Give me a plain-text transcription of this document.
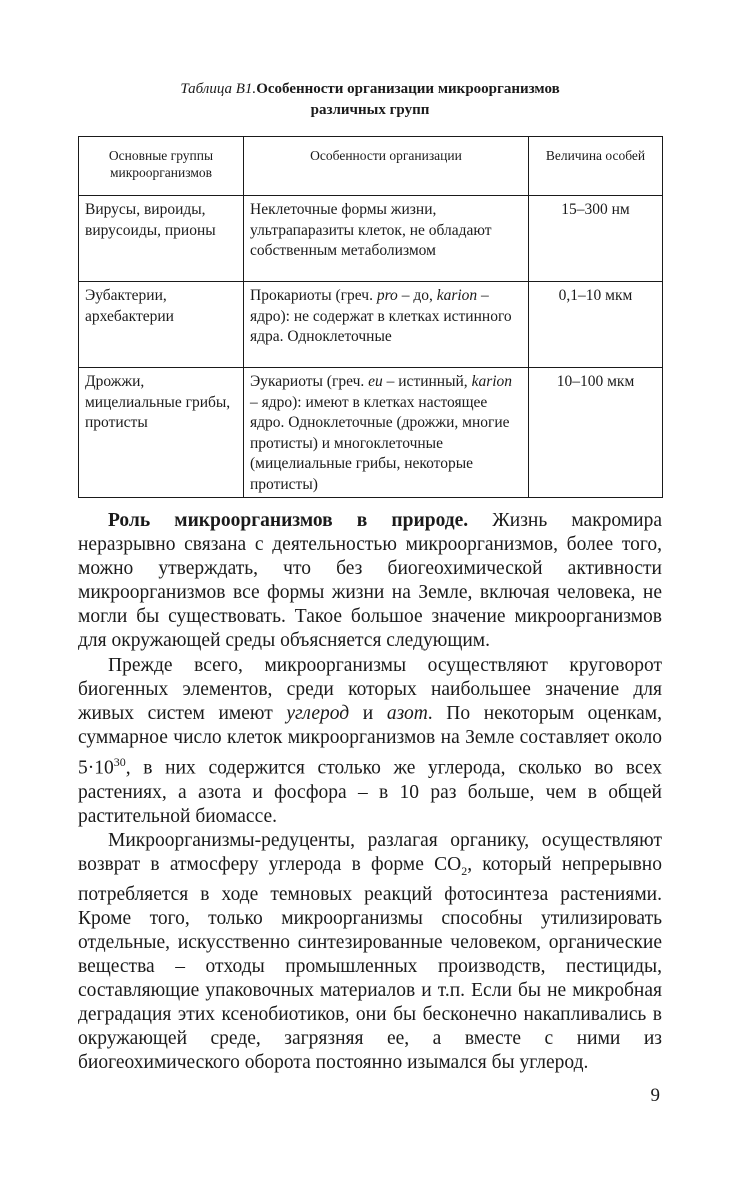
Таблица В1.Особенности организации микроорганизмов
различных групп
Основные группы микроорганизмов	Особенности организации	Величина особей
Вирусы, вироиды, вирусоиды, прионы	Неклеточные формы жизни, ультрапаразиты клеток, не обладают собственным метаболизмом	15–300 нм
Эубактерии, архебактерии	Прокариоты (греч. pro – до, karion – ядро): не содержат в клетках истинного ядра. Одноклеточные	0,1–10 мкм
Дрожжи, мицелиальные грибы, протисты	Эукариоты (греч. eu – истинный, karion – ядро): имеют в клетках настоящее ядро. Одноклеточные (дрожжи, многие протисты) и многоклеточные (мицелиальные грибы, некоторые протисты)	10–100 мкм

Роль микроорганизмов в природе. Жизнь макромира неразрывно связана с деятельностью микроорганизмов, более того, можно утверждать, что без биогеохимической активности микроорганизмов все формы жизни на Земле, включая человека, не могли бы существовать. Такое большое значение микроорганизмов для окружающей среды объясняется следующим.

Прежде всего, микроорганизмы осуществляют круговорот биогенных элементов, среди которых наибольшее значение для живых систем имеют углерод и азот. По некоторым оценкам, суммарное число клеток микроорганизмов на Земле составляет около $5\cdot 10^{30}$, в них содержится столько же углерода, сколько во всех растениях, а азота и фосфора – в 10 раз больше, чем в общей растительной биомассе.

Микроорганизмы-редуценты, разлагая органику, осуществляют возврат в атмосферу углерода в форме $СО_2$, который непрерывно потребляется в ходе темновых реакций фотосинтеза растениями. Кроме того, только микроорганизмы способны утилизировать отдельные, искусственно синтезированные человеком, органические вещества – отходы промышленных производств, пестициды, составляющие упаковочных материалов и т.п. Если бы не микробная деградация этих ксенобиотиков, они бы бесконечно накапливались в окружающей среде, загрязняя ее, а вместе с ними из биогеохимического оборота постоянно изымался бы углерод.

9
